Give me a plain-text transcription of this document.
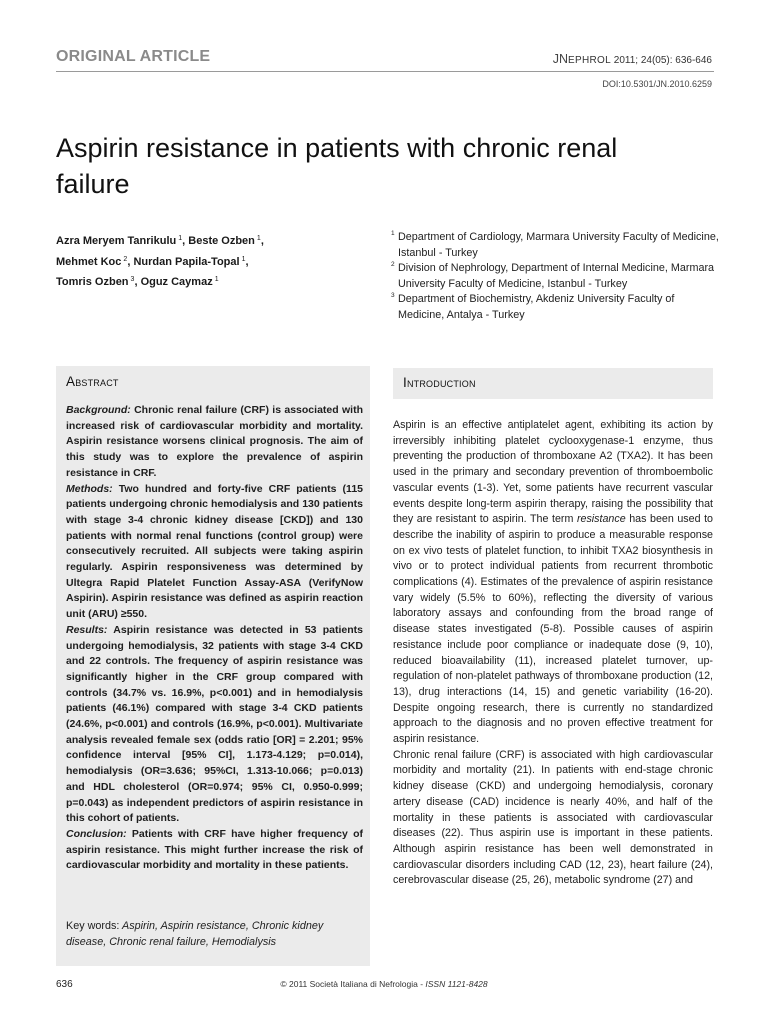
ORIGINAL ARTICLE	JNEPHROL 2011; 24(05): 636-646
DOI:10.5301/JN.2010.6259
Aspirin resistance in patients with chronic renal failure
Azra Meryem Tanrikulu $^1$, Beste Ozben $^1$,
Mehmet Koc $^2$, Nurdan Papila-Topal $^1$,
Tomris Ozben $^3$, Oguz Caymaz $^1$
1 Department of Cardiology, Marmara University Faculty of Medicine, Istanbul - Turkey
2 Division of Nephrology, Department of Internal Medicine, Marmara University Faculty of Medicine, Istanbul - Turkey
3 Department of Biochemistry, Akdeniz University Faculty of Medicine, Antalya - Turkey
Abstract

Background: Chronic renal failure (CRF) is associated with increased risk of cardiovascular morbidity and mortality. Aspirin resistance worsens clinical prognosis. The aim of this study was to explore the prevalence of aspirin resistance in CRF.

Methods: Two hundred and forty-five CRF patients (115 patients undergoing chronic hemodialysis and 130 patients with stage 3-4 chronic kidney disease [CKD]) and 130 patients with normal renal functions (control group) were consecutively recruited. All subjects were taking aspirin regularly. Aspirin responsiveness was determined by Ultegra Rapid Platelet Function Assay-ASA (VerifyNow Aspirin). Aspirin resistance was defined as aspirin reaction unit (ARU) ≥550.

Results: Aspirin resistance was detected in 53 patients undergoing hemodialysis, 32 patients with stage 3-4 CKD and 22 controls. The frequency of aspirin resistance was significantly higher in the CRF group compared with controls (34.7% vs. 16.9%, p<0.001) and in hemodialysis patients (46.1%) compared with stage 3-4 CKD patients (24.6%, p<0.001) and controls (16.9%, p<0.001). Multivariate analysis revealed female sex (odds ratio [OR] = 2.201; 95% confidence interval [95% CI], 1.173-4.129; p=0.014), hemodialysis (OR=3.636; 95%CI, 1.313-10.066; p=0.013) and HDL cholesterol (OR=0.974; 95% CI, 0.950-0.999; p=0.043) as independent predictors of aspirin resistance in this cohort of patients.

Conclusion: Patients with CRF have higher frequency of aspirin resistance. This might further increase the risk of cardiovascular morbidity and mortality in these patients.

Key words: Aspirin, Aspirin resistance, Chronic kidney disease, Chronic renal failure, Hemodialysis
Introduction

Aspirin is an effective antiplatelet agent, exhibiting its action by irreversibly inhibiting platelet cyclooxygenase-1 enzyme, thus preventing the production of thromboxane A2 (TXA2). It has been used in the primary and secondary prevention of thromboembolic vascular events (1-3). Yet, some patients have recurrent vascular events despite long-term aspirin therapy, raising the possibility that they are resistant to aspirin. The term resistance has been used to describe the inability of aspirin to produce a measurable response on ex vivo tests of platelet function, to inhibit TXA2 biosynthesis in vivo or to protect individual patients from recurrent thrombotic complications (4). Estimates of the prevalence of aspirin resistance vary widely (5.5% to 60%), reflecting the diversity of various laboratory assays and confounding from the broad range of disease states investigated (5-8). Possible causes of aspirin resistance include poor compliance or inadequate dose (9, 10), reduced bioavailability (11), increased platelet turnover, up-regulation of non-platelet pathways of thromboxane production (12, 13), drug interactions (14, 15) and genetic variability (16-20). Despite ongoing research, there is currently no standardized approach to the diagnosis and no proven effective treatment for aspirin resistance.

Chronic renal failure (CRF) is associated with high cardiovascular morbidity and mortality (21). In patients with end-stage chronic kidney disease (CKD) and undergoing hemodialysis, coronary artery disease (CAD) incidence is nearly 40%, and half of the mortality in these patients is associated with cardiovascular diseases (22). Thus aspirin use is important in these patients. Although aspirin resistance has been well demonstrated in cardiovascular disorders including CAD (12, 23), heart failure (24), cerebrovascular disease (25, 26), metabolic syndrome (27) and

636	© 2011 Società Italiana di Nefrologia - ISSN 1121-8428
